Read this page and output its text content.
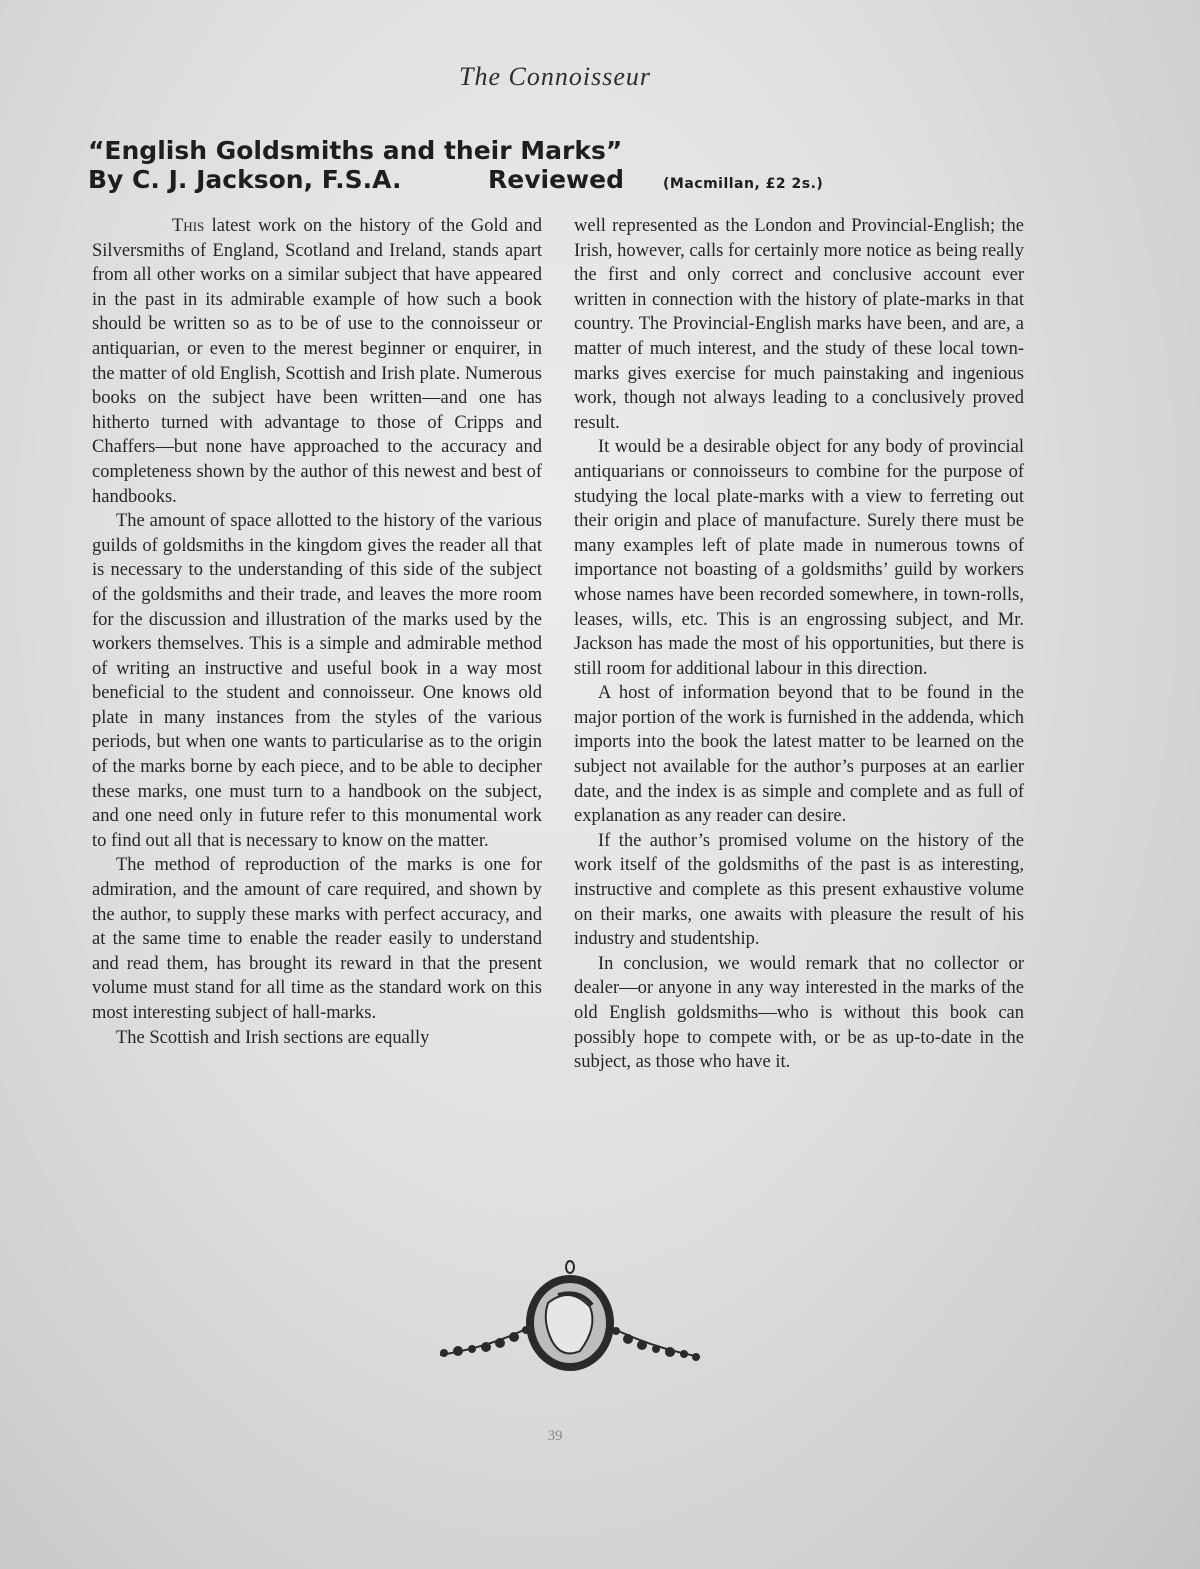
The Connoisseur
“English Goldsmiths and their Marks”
By C. J. Jackson, F.S.A.	Reviewed	(Macmillan, £2 2s.)

This latest work on the history of the Gold and Silversmiths of England, Scotland and Ireland, stands apart from all other works on a similar subject that have appeared in the past in its admirable example of how such a book should be written so as to be of use to the connoisseur or antiquarian, or even to the merest beginner or enquirer, in the matter of old English, Scottish and Irish plate. Numerous books on the subject have been written—and one has hitherto turned with advantage to those of Cripps and Chaffers—but none have approached to the accuracy and completeness shown by the author of this newest and best of handbooks.

The amount of space allotted to the history of the various guilds of goldsmiths in the kingdom gives the reader all that is necessary to the understanding of this side of the subject of the goldsmiths and their trade, and leaves the more room for the discussion and illustration of the marks used by the workers themselves. This is a simple and admirable method of writing an instructive and useful book in a way most beneficial to the student and connoisseur. One knows old plate in many instances from the styles of the various periods, but when one wants to particularise as to the origin of the marks borne by each piece, and to be able to decipher these marks, one must turn to a handbook on the subject, and one need only in future refer to this monumental work to find out all that is necessary to know on the matter.

The method of reproduction of the marks is one for admiration, and the amount of care required, and shown by the author, to supply these marks with perfect accuracy, and at the same time to enable the reader easily to understand and read them, has brought its reward in that the present volume must stand for all time as the standard work on this most interesting subject of hall-marks.

The Scottish and Irish sections are equally

well represented as the London and Provincial-English; the Irish, however, calls for certainly more notice as being really the first and only correct and conclusive account ever written in connection with the history of plate-marks in that country. The Provincial-English marks have been, and are, a matter of much interest, and the study of these local town-marks gives exercise for much painstaking and ingenious work, though not always leading to a conclusively proved result.

It would be a desirable object for any body of provincial antiquarians or connoisseurs to combine for the purpose of studying the local plate-marks with a view to ferreting out their origin and place of manufacture. Surely there must be many examples left of plate made in numerous towns of importance not boasting of a goldsmiths’ guild by workers whose names have been recorded somewhere, in town-rolls, leases, wills, etc. This is an engrossing subject, and Mr. Jackson has made the most of his opportunities, but there is still room for additional labour in this direction.

A host of information beyond that to be found in the major portion of the work is furnished in the addenda, which imports into the book the latest matter to be learned on the subject not available for the author’s purposes at an earlier date, and the index is as simple and complete and as full of explanation as any reader can desire.

If the author’s promised volume on the history of the work itself of the goldsmiths of the past is as interesting, instructive and complete as this present exhaustive volume on their marks, one awaits with pleasure the result of his industry and studentship.

In conclusion, we would remark that no collector or dealer—or anyone in any way interested in the marks of the old English goldsmiths—who is without this book can possibly hope to compete with, or be as up-to-date in the subject, as those who have it.

39
